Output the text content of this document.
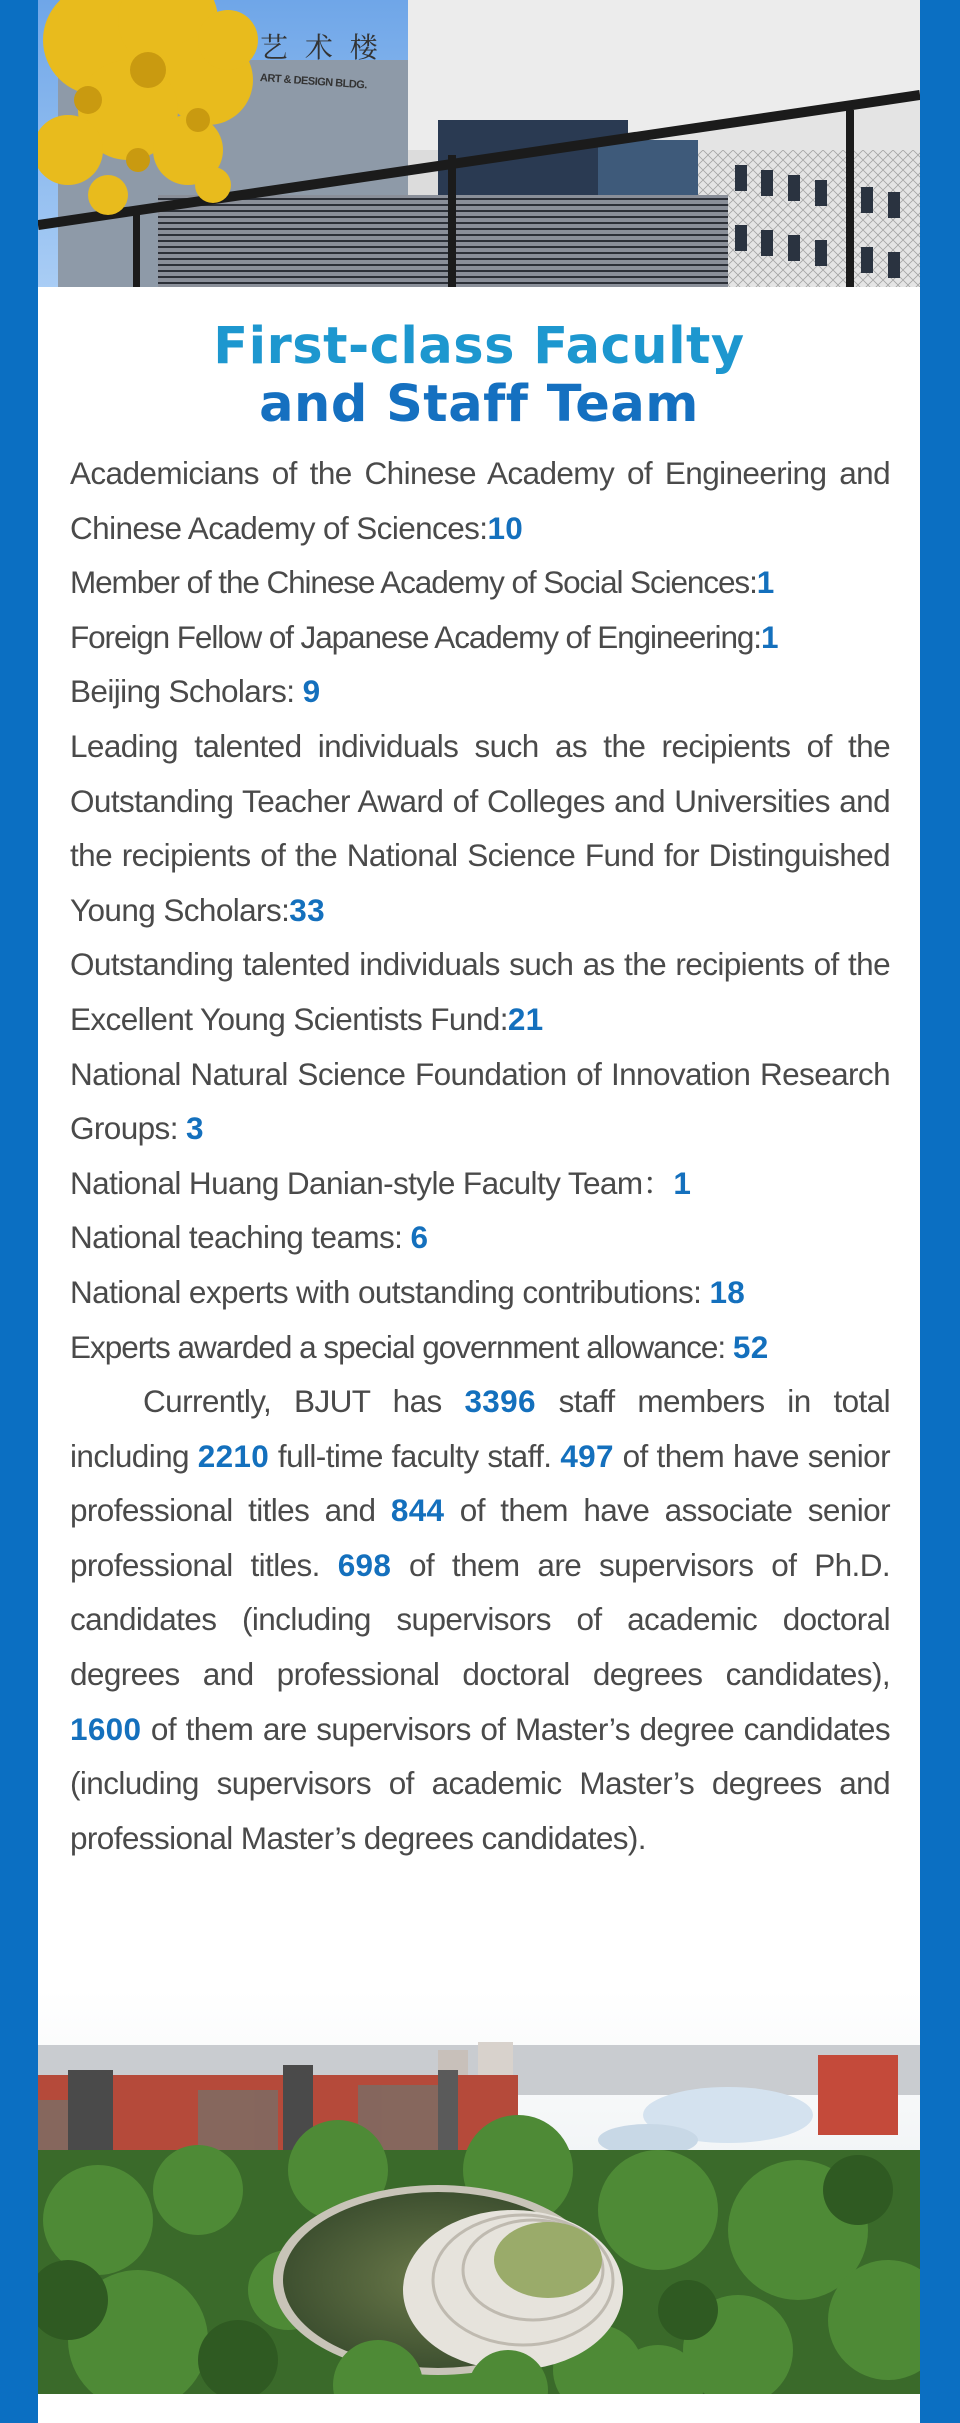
艺 术 楼
ART & DESIGN BLDG.
First-class Faculty
and Staff Team

Academicians of the Chinese Academy of Engineering and Chinese Academy of Sciences:10

Member of the Chinese Academy of Social Sciences:1

Foreign Fellow of Japanese Academy of Engineering:1

Beijing Scholars: 9

Leading talented individuals such as the recipients of the Outstanding Teacher Award of Colleges and Universities and the recipients of the National Science Fund for Distinguished Young Scholars:33

Outstanding talented individuals such as the recipients of the Excellent Young Scientists Fund:21

National Natural Science Foundation of Innovation Research Groups: 3

National Huang Danian-style Faculty Team：1

National teaching teams: 6

National experts with outstanding contributions: 18

Experts awarded a special government allowance: 52

Currently, BJUT has 3396 staff members in total including 2210 full-time faculty staff. 497 of them have senior professional titles and 844 of them have associate senior professional titles. 698 of them are supervisors of Ph.D. candidates (including supervisors of academic doctoral degrees and professional doctoral degrees candidates), 1600 of them are supervisors of Master’s degree candidates (including supervisors of academic Master’s degrees and professional Master’s degrees candidates).
